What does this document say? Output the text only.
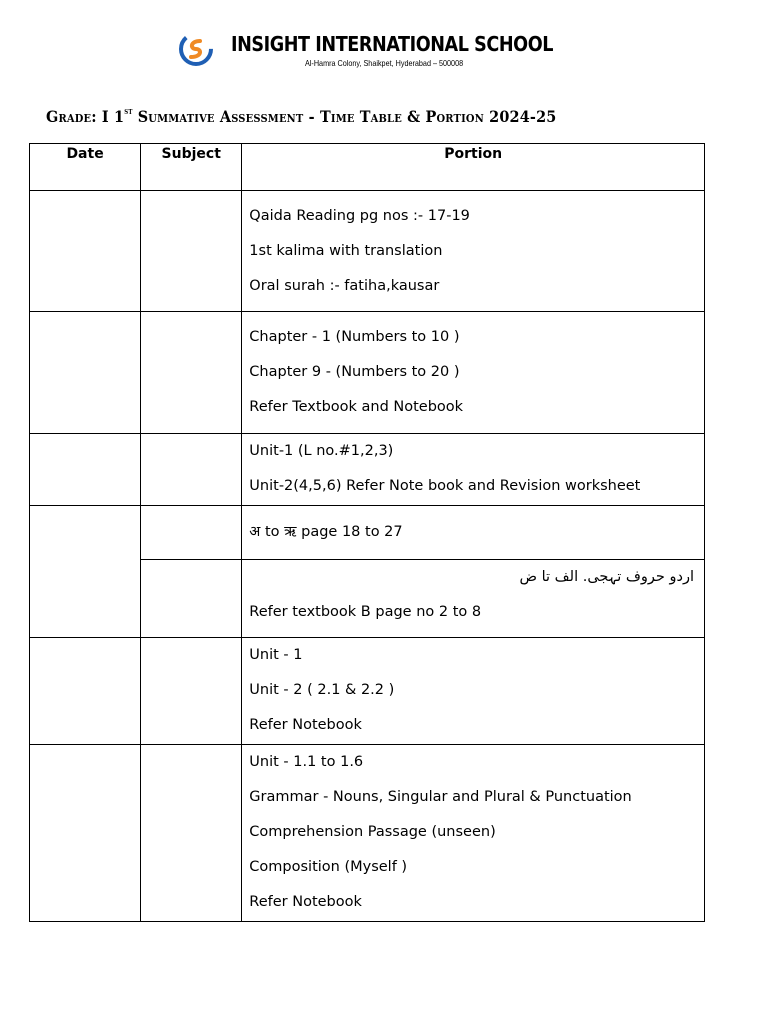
INSIGHT INTERNATIONAL SCHOOL
Al-Hamra Colony, Shaikpet, Hyderabad – 500008
Grade: I 1st Summative Assessment - Time Table & Portion 2024-25
Date	Subject	Portion

		Qaida Reading pg nos :- 17-19
1st kalima with translation
Oral surah :- fatiha,kausar

		Chapter - 1 (Numbers to 10 )
Chapter 9 - (Numbers to 20 )
Refer Textbook and Notebook

		Unit-1 (L no.#1,2,3)
Unit-2(4,5,6) Refer Note book and Revision worksheet

		अ to ऋ page 18 to 27

		اردو حروف تہجی. الف تا ض
Refer textbook B page no 2 to 8

		Unit - 1
Unit - 2 ( 2.1 & 2.2 )
Refer Notebook

		Unit - 1.1 to 1.6
Grammar - Nouns, Singular and Plural & Punctuation
Comprehension Passage (unseen)
Composition (Myself )
Refer Notebook
